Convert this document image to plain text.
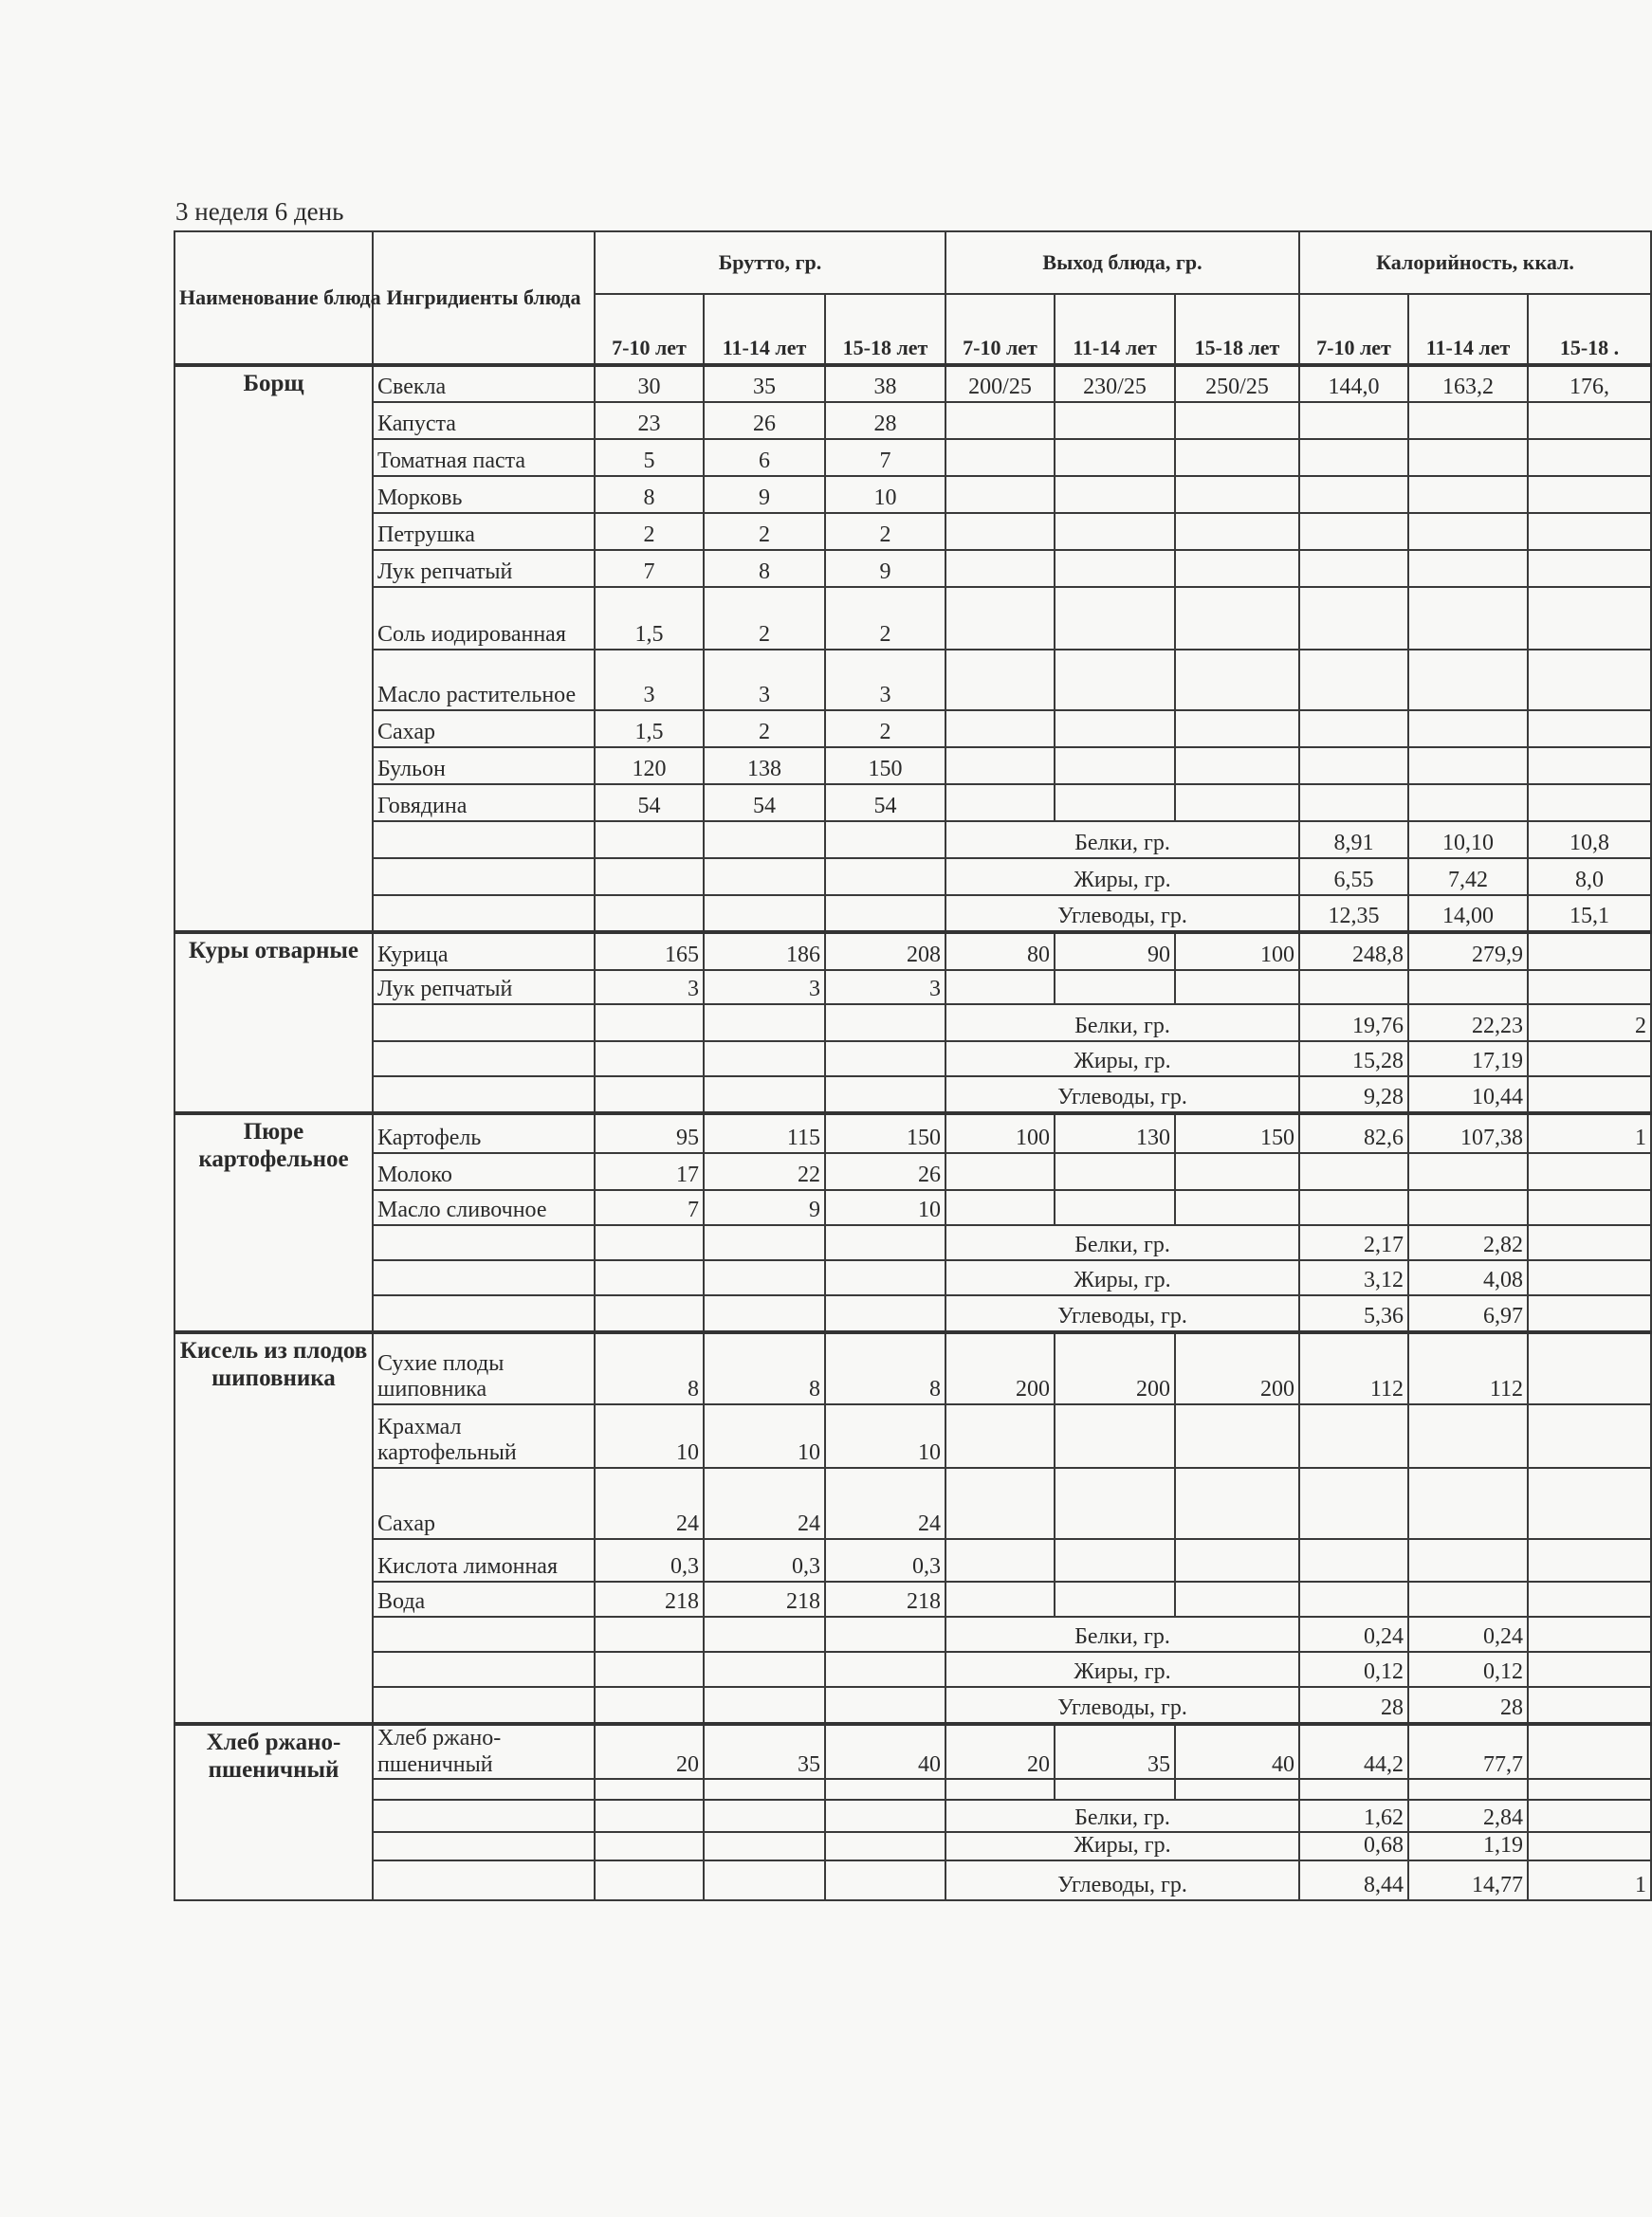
3 неделя 6 день
Наименование блюда	Ингридиенты блюда	Брутто, гр.			Выход блюда, гр.			Калорийность, ккал.		
		7-10 лет	11-14 лет	15-18 лет	7-10 лет	11-14 лет	15-18 лет	7-10 лет	11-14 лет	15-18 .
Борщ	Свекла	30	35	38	200/25	230/25	250/25	144,0	163,2	176,
	Капуста	23	26	28						
	Томатная паста	5	6	7						
	Морковь	8	9	10						
	Петрушка	2	2	2						
	Лук репчатый	7	8	9						
	Соль иодированная	1,5	2	2						
	Масло растительное	3	3	3						
	Сахар	1,5	2	2						
	Бульон	120	138	150						
	Говядина	54	54	54						
					Белки, гр.			8,91	10,10	10,8
					Жиры, гр.			6,55	7,42	8,0
					Углеводы, гр.			12,35	14,00	15,1
Куры отварные	Курица	165	186	208	80	90	100	248,8	279,9	
	Лук репчатый	3	3	3						
					Белки, гр.			19,76	22,23	2
					Жиры, гр.			15,28	17,19	
					Углеводы, гр.			9,28	10,44	
Пюре картофельное	Картофель	95	115	150	100	130	150	82,6	107,38	1
	Молоко	17	22	26						
	Масло сливочное	7	9	10						
					Белки, гр.			2,17	2,82	
					Жиры, гр.			3,12	4,08	
					Углеводы, гр.			5,36	6,97	
Кисель из плодов шиповника	Сухие плоды шиповника	8	8	8	200	200	200	112	112	
	Крахмал картофельный	10	10	10						
	Сахар	24	24	24						
	Кислота лимонная	0,3	0,3	0,3						
	Вода	218	218	218						
					Белки, гр.			0,24	0,24	
					Жиры, гр.			0,12	0,12	
					Углеводы, гр.			28	28	
Хлеб ржано-пшеничный	Хлеб ржано-пшеничный	20	35	40	20	35	40	44,2	77,7	

					Белки, гр.			1,62	2,84	
					Жиры, гр.			0,68	1,19	
					Углеводы, гр.			8,44	14,77	1
